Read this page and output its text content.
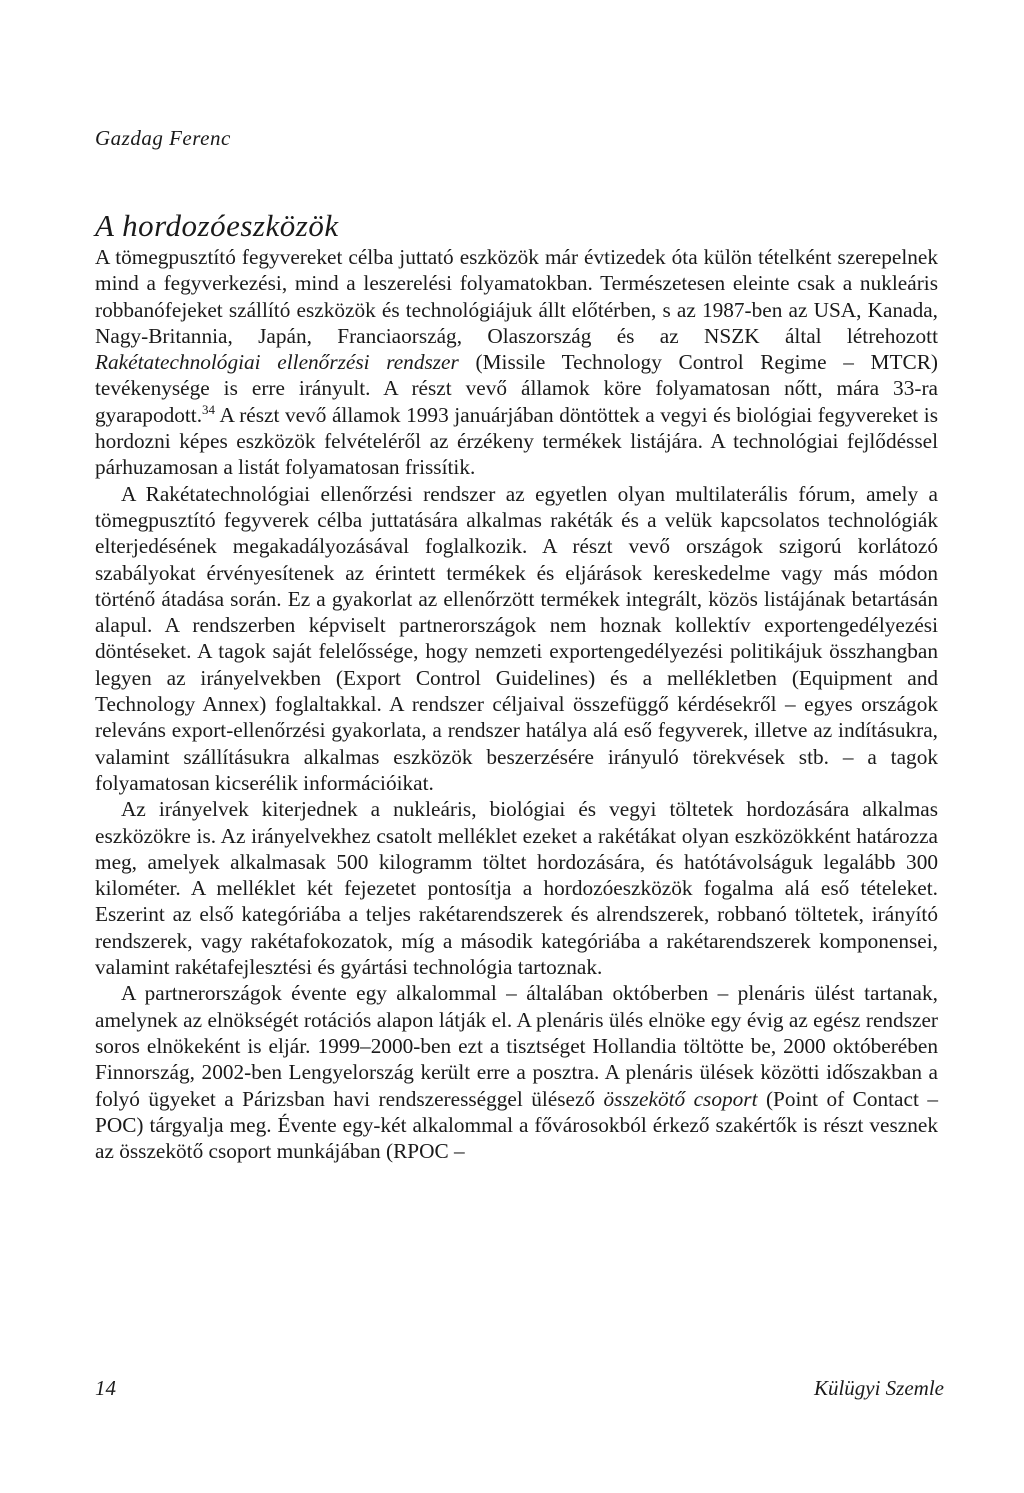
Gazdag Ferenc
A hordozóeszközök

A tömegpusztító fegyvereket célba juttató eszközök már évtizedek óta külön tételként szerepelnek mind a fegyverkezési, mind a leszerelési folyamatokban. Természetesen eleinte csak a nukleáris robbanófejeket szállító eszközök és technológiájuk állt előtérben, s az 1987-ben az USA, Kanada, Nagy-Britannia, Japán, Franciaország, Olaszország és az NSZK által létrehozott Rakétatechnológiai ellenőrzési rendszer (Missile Technology Control Regime – MTCR) tevékenysége is erre irányult. A részt vevő államok köre folyamatosan nőtt, mára 33-ra gyarapodott.$^{34}$ A részt vevő államok 1993 januárjában döntöttek a vegyi és biológiai fegyvereket is hordozni képes eszközök felvételéről az érzékeny termékek listájára. A technológiai fejlődéssel párhuzamosan a listát folyamatosan frissítik.

A Rakétatechnológiai ellenőrzési rendszer az egyetlen olyan multilaterális fórum, amely a tömegpusztító fegyverek célba juttatására alkalmas rakéták és a velük kapcsolatos technológiák elterjedésének megakadályozásával foglalkozik. A részt vevő országok szigorú korlátozó szabályokat érvényesítenek az érintett termékek és eljárások kereskedelme vagy más módon történő átadása során. Ez a gyakorlat az ellenőrzött termékek integrált, közös listájának betartásán alapul. A rendszerben képviselt partnerországok nem hoznak kollektív exportengedélyezési döntéseket. A tagok saját felelőssége, hogy nemzeti exportengedélyezési politikájuk összhangban legyen az irányelvekben (Export Control Guidelines) és a mellékletben (Equipment and Technology Annex) foglaltakkal. A rendszer céljaival összefüggő kérdésekről – egyes országok releváns export-ellenőrzési gyakorlata, a rendszer hatálya alá eső fegyverek, illetve az indításukra, valamint szállításukra alkalmas eszközök beszerzésére irányuló törekvések stb. – a tagok folyamatosan kicserélik információikat.

Az irányelvek kiterjednek a nukleáris, biológiai és vegyi töltetek hordozására alkalmas eszközökre is. Az irányelvekhez csatolt melléklet ezeket a rakétákat olyan eszközökként határozza meg, amelyek alkalmasak 500 kilogramm töltet hordozására, és hatótávolságuk legalább 300 kilométer. A melléklet két fejezetet pontosítja a hordozóeszközök fogalma alá eső tételeket. Eszerint az első kategóriába a teljes rakétarendszerek és alrendszerek, robbanó töltetek, irányító rendszerek, vagy rakétafokozatok, míg a második kategóriába a rakétarendszerek komponensei, valamint rakétafejlesztési és gyártási technológia tartoznak.

A partnerországok évente egy alkalommal – általában októberben – plenáris ülést tartanak, amelynek az elnökségét rotációs alapon látják el. A plenáris ülés elnöke egy évig az egész rendszer soros elnökeként is eljár. 1999–2000-ben ezt a tisztséget Hollandia töltötte be, 2000 októberében Finnország, 2002-ben Lengyelország került erre a posztra. A plenáris ülések közötti időszakban a folyó ügyeket a Párizsban havi rendszerességgel ülésező összekötő csoport (Point of Contact – POC) tárgyalja meg. Évente egy-két alkalommal a fővárosokból érkező szakértők is részt vesznek az összekötő csoport munkájában (RPOC –

14	Külügyi Szemle
